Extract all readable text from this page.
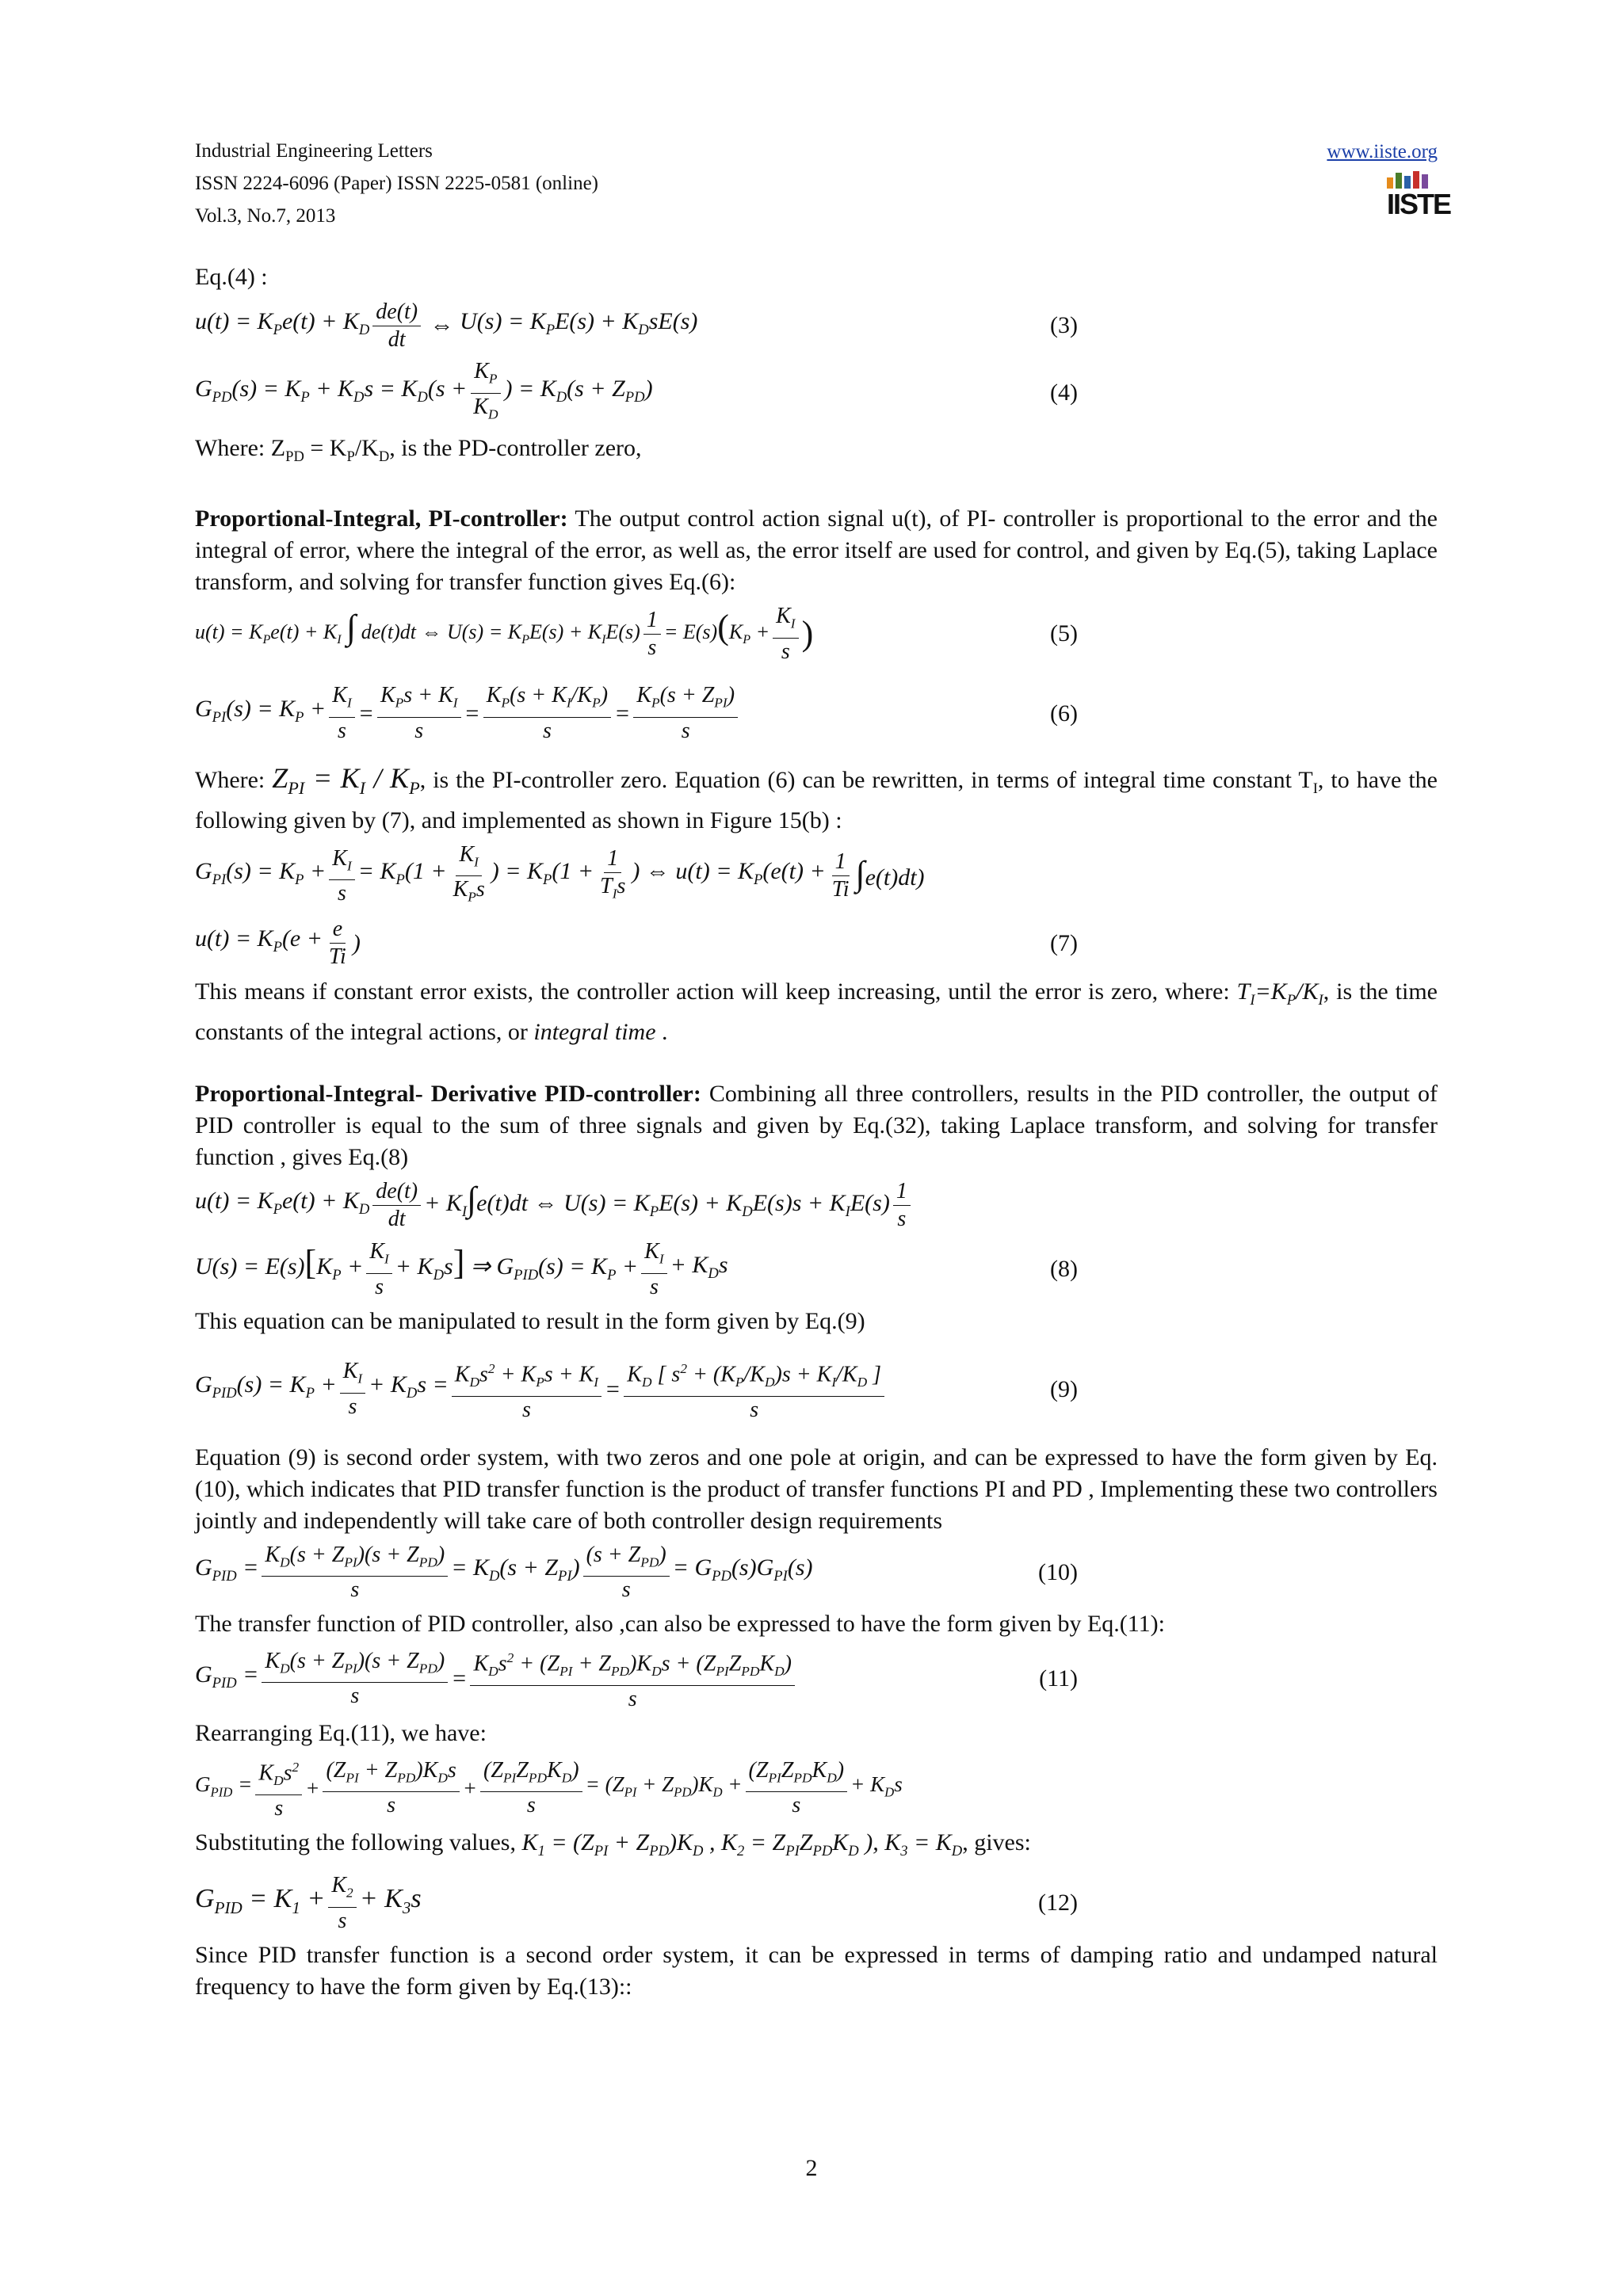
Industrial Engineering Letters
ISSN 2224-6096 (Paper) ISSN 2225-0581 (online)
Vol.3, No.7, 2013
www.iiste.org
IISTE

Eq.(4) :

$u(t) = K_Pe(t) + K_D \frac{de(t)}{dt}$ ⇔ $U(s) = K_PE(s) + K_DsE(s)$	(3)
$G_{PD}(s) = K_P + K_Ds = K_D(s + \frac{K_P}{K_D}$ ) = $K_D(s + Z_{PD})$	(4)

Where: $Z_{PD} = K_P/K_D$, is the PD-controller zero,

Proportional-Integral, PI-controller: The output control action signal u(t), of PI- controller is proportional to the error and the integral of error, where the integral of the error, as well as, the error itself are used for control, and given by Eq.(5), taking Laplace transform, and solving for transfer function gives Eq.(6):

$u(t) = K_Pe(t) + K_I$ ∫ de(t)dt ⇔ $U(s) = K_PE(s) + K_IE(s) \frac{1}{s} = E(s)(K_P + \frac{K_I}{s}$ )	(5)
$G_{PI}(s) = K_P + \frac{K_I}{s} = \frac{K_Ps + K_I}{s} = \frac{K_P(s + K_I/K_P)}{s} = \frac{K_P(s + Z_{PI})}{s}$	(6)

Where: $Z_{PI} = K_I / K_P$, is the PI-controller zero. Equation (6) can be rewritten, in terms of integral time constant $T_I$, to have the following given by (7), and implemented as shown in Figure 15(b) :

$G_{PI}(s) = K_P + \frac{K_I}{s} = K_P(1 + \frac{K_I}{K_Ps}$ ) = $K_P(1 + \frac{1}{T_Is}$ ) ⇔ $u(t) = K_P(e(t) + \frac{1}{Ti} \int e(t)dt)$
$u(t) = K_P(e + \frac{e}{Ti}$ )	(7)

This means if constant error exists, the controller action will keep increasing, until the error is zero, where: $T_I=K_P/K_I$, is the time constants of the integral actions, or integral time .

Proportional-Integral- Derivative PID-controller: Combining all three controllers, results in the PID controller, the output of PID controller is equal to the sum of three signals and given by Eq.(32), taking Laplace transform, and solving for transfer function , gives Eq.(8)

$u(t) = K_Pe(t) + K_D \frac{de(t)}{dt} + K_I\int e(t)dt$ ⇔ $U(s) = K_PE(s) + K_DE(s)s + K_IE(s) \frac{1}{s}$
$U(s) = E(s)[K_P + \frac{K_I}{s} + K_Ds]$ ⇒ $G_{PID}(s) = K_P + \frac{K_I}{s} + K_Ds$	(8)

This equation can be manipulated to result in the form given by Eq.(9)

$G_{PID}(s) = K_P + \frac{K_I}{s} + K_Ds = \frac{K_Ds^2 + K_Ps + K_I}{s} = \frac{K_D [ s^2 + (K_P/K_D)s + K_I/K_D ]}{s}$	(9)

Equation (9) is second order system, with two zeros and one pole at origin, and can be expressed to have the form given by Eq.(10), which indicates that PID transfer function is the product of transfer functions PI and PD , Implementing these two controllers jointly and independently will take care of both controller design requirements

$G_{PID} = \frac{K_D(s + Z_{PI})(s + Z_{PD})}{s} = K_D(s + Z_{PI}) \frac{(s + Z_{PD})}{s} = G_{PD}(s)G_{PI}(s)$	(10)

The transfer function of PID controller, also ,can also be expressed to have the form given by Eq.(11):

$G_{PID} = \frac{K_D(s + Z_{PI})(s + Z_{PD})}{s} = \frac{K_Ds^2 + (Z_{PI} + Z_{PD})K_Ds + (Z_{PI}Z_{PD}K_D)}{s}$	(11)

Rearranging Eq.(11), we have:

$G_{PID} = \frac{K_Ds^2}{s} + \frac{(Z_{PI} + Z_{PD})K_Ds}{s} + \frac{(Z_{PI}Z_{PD}K_D)}{s} = (Z_{PI} + Z_{PD})K_D + \frac{(Z_{PI}Z_{PD}K_D)}{s} + K_Ds$

Substituting the following values, $K_1 = (Z_{PI} + Z_{PD})K_D$ , $K_2 = Z_{PI}Z_{PD}K_D$ ), $K_3 = K_D$, gives:

$G_{PID} = K_1 + \frac{K_2}{s} + K_3s$	(12)

Since PID transfer function is a second order system, it can be expressed in terms of damping ratio and undamped natural frequency to have the form given by Eq.(13)::

2
